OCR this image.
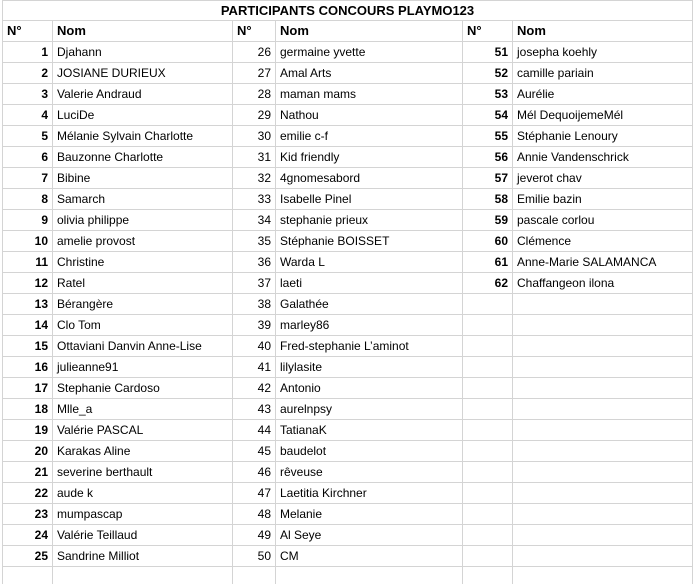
PARTICIPANTS CONCOURS PLAYMO123
N°	Nom	N°	Nom	N°	Nom
1 Djahann	26 germaine yvette	51 josepha koehly
2 JOSIANE DURIEUX	27 Amal Arts	52 camille pariain
3 Valerie Andraud	28 maman mams	53 Aurélie
4 LuciDe	29 Nathou	54 Mél DequoijemeMél
5 Mélanie Sylvain Charlotte	30 emilie c-f	55 Stéphanie Lenoury
6 Bauzonne Charlotte	31 Kid friendly	56 Annie Vandenschrick
7 Bibine	32 4gnomesabord	57 jeverot chav
8 Samarch	33 Isabelle Pinel	58 Emilie bazin
9 olivia philippe	34 stephanie prieux	59 pascale corlou
10 amelie provost	35 Stéphanie BOISSET	60 Clémence
11 Christine	36 Warda L	61 Anne-Marie SALAMANCA
12 Ratel	37 laeti	62 Chaffangeon ilona
13 Bérangère	38 Galathée
14 Clo Tom	39 marley86
15 Ottaviani Danvin Anne-Lise	40 Fred-stephanie L’aminot
16 julieanne91	41 lilylasite
17 Stephanie Cardoso	42 Antonio
18 Mlle_a	43 aurelnpsy
19 Valérie PASCAL	44 TatianaK
20 Karakas Aline	45 baudelot
21 severine berthault	46 rêveuse
22 aude k	47 Laetitia Kirchner
23 mumpascap	48 Melanie
24 Valérie Teillaud	49 Al Seye
25 Sandrine Milliot	50 CM
